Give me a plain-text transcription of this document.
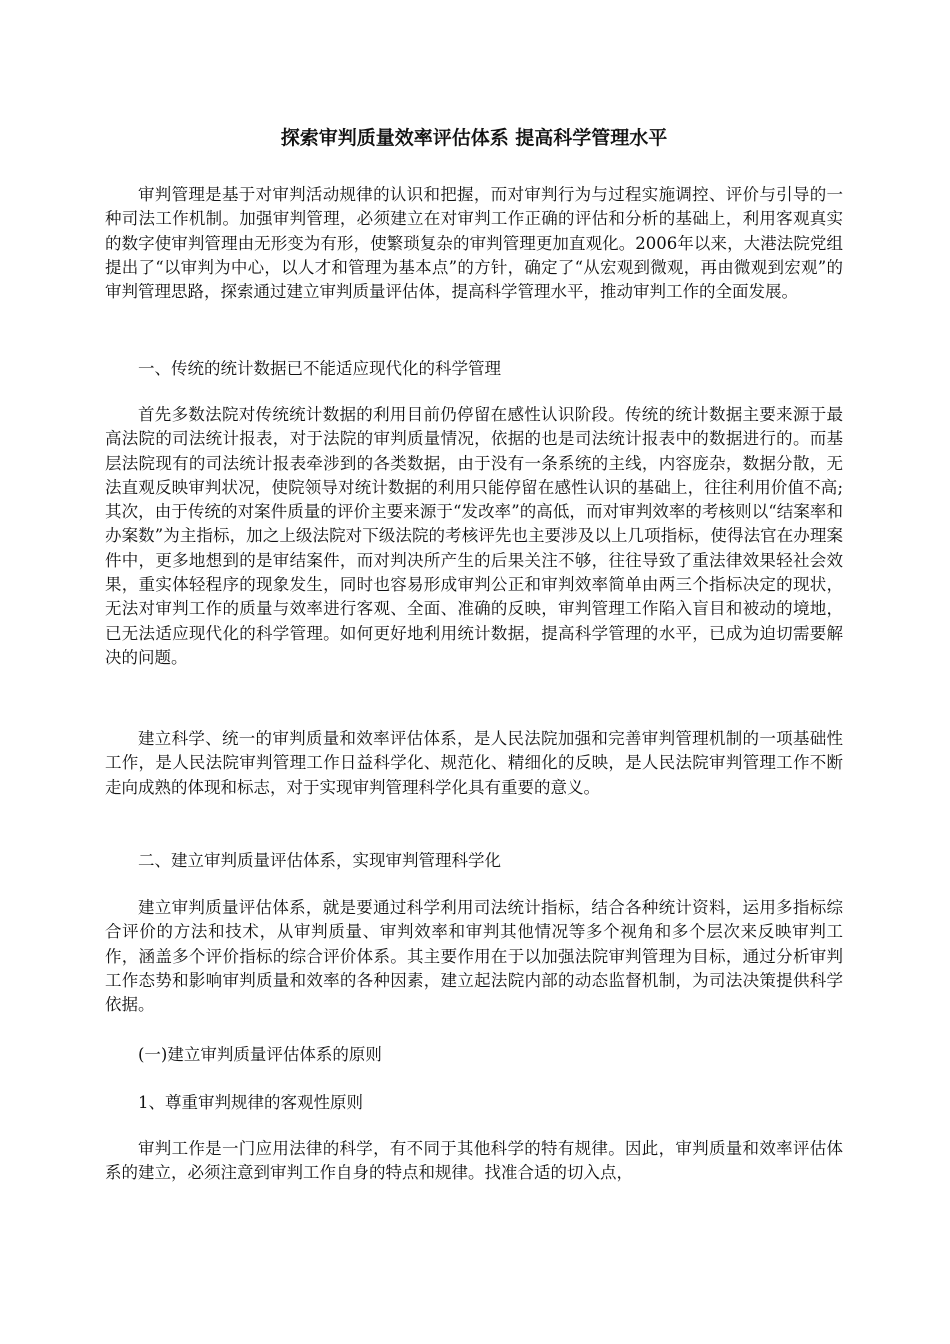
探索审判质量效率评估体系 提高科学管理水平

审判管理是基于对审判活动规律的认识和把握，而对审判行为与过程实施调控、评价与引导的一种司法工作机制。加强审判管理，必须建立在对审判工作正确的评估和分析的基础上，利用客观真实的数字使审判管理由无形变为有形，使繁琐复杂的审判管理更加直观化。2006年以来，大港法院党组提出了“以审判为中心，以人才和管理为基本点”的方针，确定了“从宏观到微观，再由微观到宏观”的审判管理思路，探索通过建立审判质量评估体，提高科学管理水平，推动审判工作的全面发展。

一、传统的统计数据已不能适应现代化的科学管理

首先多数法院对传统统计数据的利用目前仍停留在感性认识阶段。传统的统计数据主要来源于最高法院的司法统计报表，对于法院的审判质量情况，依据的也是司法统计报表中的数据进行的。而基层法院现有的司法统计报表牵涉到的各类数据，由于没有一条系统的主线，内容庞杂，数据分散，无法直观反映审判状况，使院领导对统计数据的利用只能停留在感性认识的基础上，往往利用价值不高;其次，由于传统的对案件质量的评价主要来源于“发改率”的高低，而对审判效率的考核则以“结案率和办案数”为主指标，加之上级法院对下级法院的考核评先也主要涉及以上几项指标，使得法官在办理案件中，更多地想到的是审结案件，而对判决所产生的后果关注不够，往往导致了重法律效果轻社会效果，重实体轻程序的现象发生，同时也容易形成审判公正和审判效率简单由两三个指标决定的现状，无法对审判工作的质量与效率进行客观、全面、准确的反映，审判管理工作陷入盲目和被动的境地，已无法适应现代化的科学管理。如何更好地利用统计数据，提高科学管理的水平，已成为迫切需要解决的问题。

建立科学、统一的审判质量和效率评估体系，是人民法院加强和完善审判管理机制的一项基础性工作，是人民法院审判管理工作日益科学化、规范化、精细化的反映，是人民法院审判管理工作不断走向成熟的体现和标志，对于实现审判管理科学化具有重要的意义。

二、建立审判质量评估体系，实现审判管理科学化

建立审判质量评估体系，就是要通过科学利用司法统计指标，结合各种统计资料，运用多指标综合评价的方法和技术，从审判质量、审判效率和审判其他情况等多个视角和多个层次来反映审判工作，涵盖多个评价指标的综合评价体系。其主要作用在于以加强法院审判管理为目标，通过分析审判工作态势和影响审判质量和效率的各种因素，建立起法院内部的动态监督机制，为司法决策提供科学依据。

(一)建立审判质量评估体系的原则

1、尊重审判规律的客观性原则

审判工作是一门应用法律的科学，有不同于其他科学的特有规律。因此，审判质量和效率评估体系的建立，必须注意到审判工作自身的特点和规律。找准合适的切入点，
